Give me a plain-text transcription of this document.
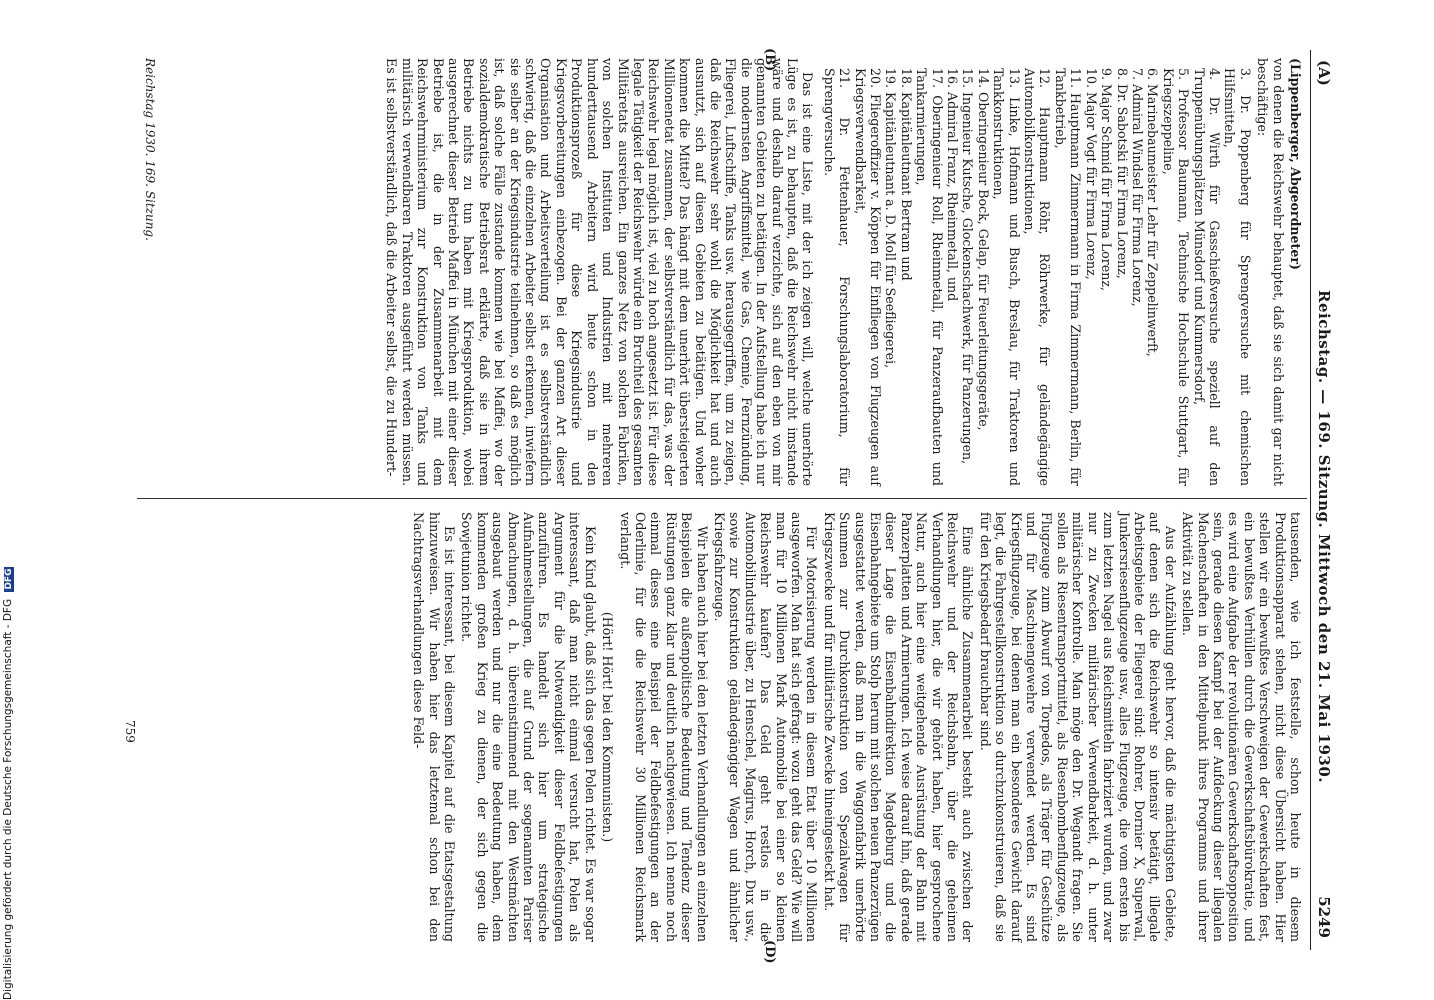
(A)
Reichstag. — 169. Sitzung. Mittwoch den 21. Mai 1930.
5249

(Lippenberger, Abgeordneter)

von denen die Reichswehr behauptet, daß sie sich damit gar nicht beschäftige:

3. Dr. Poppenberg für Sprengversuche mit chemischen Hilfsmitteln,
4. Dr. Wirth für Gasschießversuche speziell auf den Truppenübungsplätzen Münsdorf und Kummersdorf,
5. Professor Baumann, Technische Hochschule Stuttgart, für Kriegszeppeline,
6. Marinebaumeister Lehr für Zeppelinwerft,
7. Admiral Windsel für Firma Lorenz,
8. Dr. Sabotski für Firma Lorenz,
9. Major Schmid für Firma Lorenz,
10. Major Vogt für Firma Lorenz,
11. Hauptmann Zimmermann in Firma Zimmermann, Berlin, für Tankbetrieb,
12. Hauptmann Röhr, Röhrwerke, für geländegängige Automobilkonstruktionen,
13. Linke, Hofmann und Busch, Breslau, für Traktoren und Tankkonstruktionen,
14. Oberingenieur Bock, Gelap, für Feuerleitungsgeräte,
15. Ingenieur Kutsche, Glockenschachwerk, für Panzerungen,
16. Admiral Franz, Rheinmetall, und
17. Oberingenieur Roll, Rheinmetall, für Panzeraufbauten und Tankarmierungen,
18. Kapitänleutnant Bertram und
19. Kapitänleutnant a. D. Moll für Seefliegerei,
20. Fliegeroffizier v. Köppen für Einfliegen von Flugzeugen auf Kriegsverwendbarkeit,
21. Dr. Fettenhauer, Forschungslaboratorium, für Sprengversuche.

Das ist eine Liste, mit der ich zeigen will, welche unerhörte Lüge es ist, zu behaupten, daß die Reichswehr nicht imstande wäre und deshalb darauf verzichte, sich auf den eben von mir genannten Gebieten zu betätigen. In der Aufstellung habe ich nur die modernsten Angriffsmittel, wie Gas, Chemie, Fernzündung, Fliegerei, Luftschiffe, Tanks usw. herausgegriffen, um zu zeigen, daß die Reichswehr sehr wohl die Möglichkeit hat und auch ausnutzt, sich auf diesen Gebieten zu betätigen. Und woher kommen die Mittel? Das hängt mit dem unerhört übersteigerten Millionenetat zusammen, der selbstverständlich für das, was der Reichswehr legal möglich ist, viel zu hoch angesetzt ist. Für diese legale Tätigkeit der Reichswehr würde ein Bruchteil des gesamten Militäretats ausreichen. Ein ganzes Netz von solchen Fabriken, von solchen Instituten und Industrien mit mehreren hunderttausend Arbeitern wird heute schon in den Produktionsprozeß für diese Kriegsindustrie und Kriegsvorbereitungen einbezogen. Bei der ganzen Art dieser Organisation und Arbeitsverteilung ist es selbstverständlich schwierig, daß die einzelnen Arbeiter selbst erkennen, inwiefern sie selber an der Kriegsindustrie teilnehmen, so daß es möglich ist, daß solche Fälle zustande kommen wie bei Maffei, wo der sozialdemokratische Betriebsrat erklärte, daß sie in ihrem Betriebe nichts zu tun haben mit Kriegsproduktion, wobei ausgerechnet dieser Betrieb Maffei in München mit einer dieser Betriebe ist, die in der Zusammenarbeit mit dem Reichswehrministerium zur Konstruktion von Tanks und militärisch verwendbaren Traktoren ausgeführt werden müssen. Es ist selbstverständlich, daß die Arbeiter selbst, die zu Hundert-	(B)

tausenden, wie ich feststelle, schon heute in diesem Produktionsapparat stehen, nicht diese Übersicht haben. Hier stellen wir ein bewußtes Verschweigen der Gewerkschaften fest, ein bewußtes Verhüllen durch die Gewerkschaftsbürokratie, und es wird eine Aufgabe der revolutionären Gewerkschaftsopposition sein, gerade diesen Kampf bei der Aufdeckung dieser illegalen Machenschaften in den Mittelpunkt ihres Programms und ihrer Aktivität zu stellen.

Aus der Aufzählung geht hervor, daß die mächtigsten Gebiete, auf denen sich die Reichswehr so intensiv betätigt, illegale Arbeitsgebiete der Fliegerei sind: Rohrer, Dornier X, Superwal, Junkersriesenflugzeuge usw., alles Flugzeuge, die vom ersten bis zum letzten Nagel aus Reichsmitteln fabriziert wurden, und zwar nur zu Zwecken militärischer Verwendbarkeit, d. h. unter militärischer Kontrolle. Man möge den Dr. Wegandt fragen. Sie sollen als Riesentransportmittel, als Riesenbombenflugzeuge, als Flugzeuge zum Abwurf von Torpedos, als Träger für Geschütze und für Maschinengewehre verwendet werden. Es sind Kriegsflugzeuge, bei denen man ein besonderes Gewicht darauf legt, die Fahrgestellkonstruktion so durchzukonstruieren, daß sie für den Kriegsbedarf brauchbar sind.

Eine ähnliche Zusammenarbeit besteht auch zwischen der Reichswehr und der Reichsbahn, über die geheimen Verhandlungen hier, die wir gehört haben, hier gesprochene Natur, auch hier eine weitgehende Ausrüstung der Bahn mit Panzerplatten und Armierungen. Ich weise darauf hin, daß gerade dieser Lage die Eisenbahndirektion Magdeburg und die Eisenbahngebiete um Stolp herum mit solchen neuen Panzerzügen ausgestattet werden, daß man in die Waggonfabrik unerhörte Summen zur Durchkonstruktion von Spezialwagen für Kriegszwecke und für militärische Zwecke hineingesteckt hat.

Für Motorisierung werden in diesem Etat über 10 Millionen ausgeworfen. Man hat sich gefragt: wozu geht das Geld? Wie will man für 10 Millionen Mark Automobile bei einer so kleinen Reichswehr kaufen? Das Geld geht restlos in die Automobilindustrie über, zu Henschel, Magirus, Horch, Dux usw., sowie zur Konstruktion geländegängiger Wagen und ähnlicher Kriegsfahrzeuge.

Wir haben auch hier bei den letzten Verhandlungen an einzelnen Beispielen die außenpolitische Bedeutung und Tendenz dieser Rüstungen ganz klar und deutlich nachgewiesen. Ich nenne noch einmal dieses eine Beispiel der Feldbefestigungen an der Oderlinie, für die die Reichswehr 30 Millionen Reichsmark verlangt.

(Hört! Hört! bei den Kommunisten.)

Kein Kind glaubt, daß sich das gegen Polen richtet. Es war sogar interessant, daß man nicht einmal versucht hat, Polen als Argument für die Notwendigkeit dieser Feldbefestigungen anzuführen. Es handelt sich hier um strategische Aufnahmestellungen, die auf Grund der sogenannten Pariser Abmachungen, d. h. übereinstimmend mit den Westmächten ausgebaut werden und nur die eine Bedeutung haben, dem kommenden großen Krieg zu dienen, der sich gegen die Sowjetunion richtet.

Es ist interessant, bei diesem Kapitel auf die Etatsgestaltung hinzuweisen. Wir haben hier das letztemal schon bei den Nachtragsverhandlungen diese Feld-

(D)
Reichstag 1930. 169. Sitzung.
759
Digitalisierung gefördert durch die Deutsche Forschungsgemeinschaft - DFG DFG
